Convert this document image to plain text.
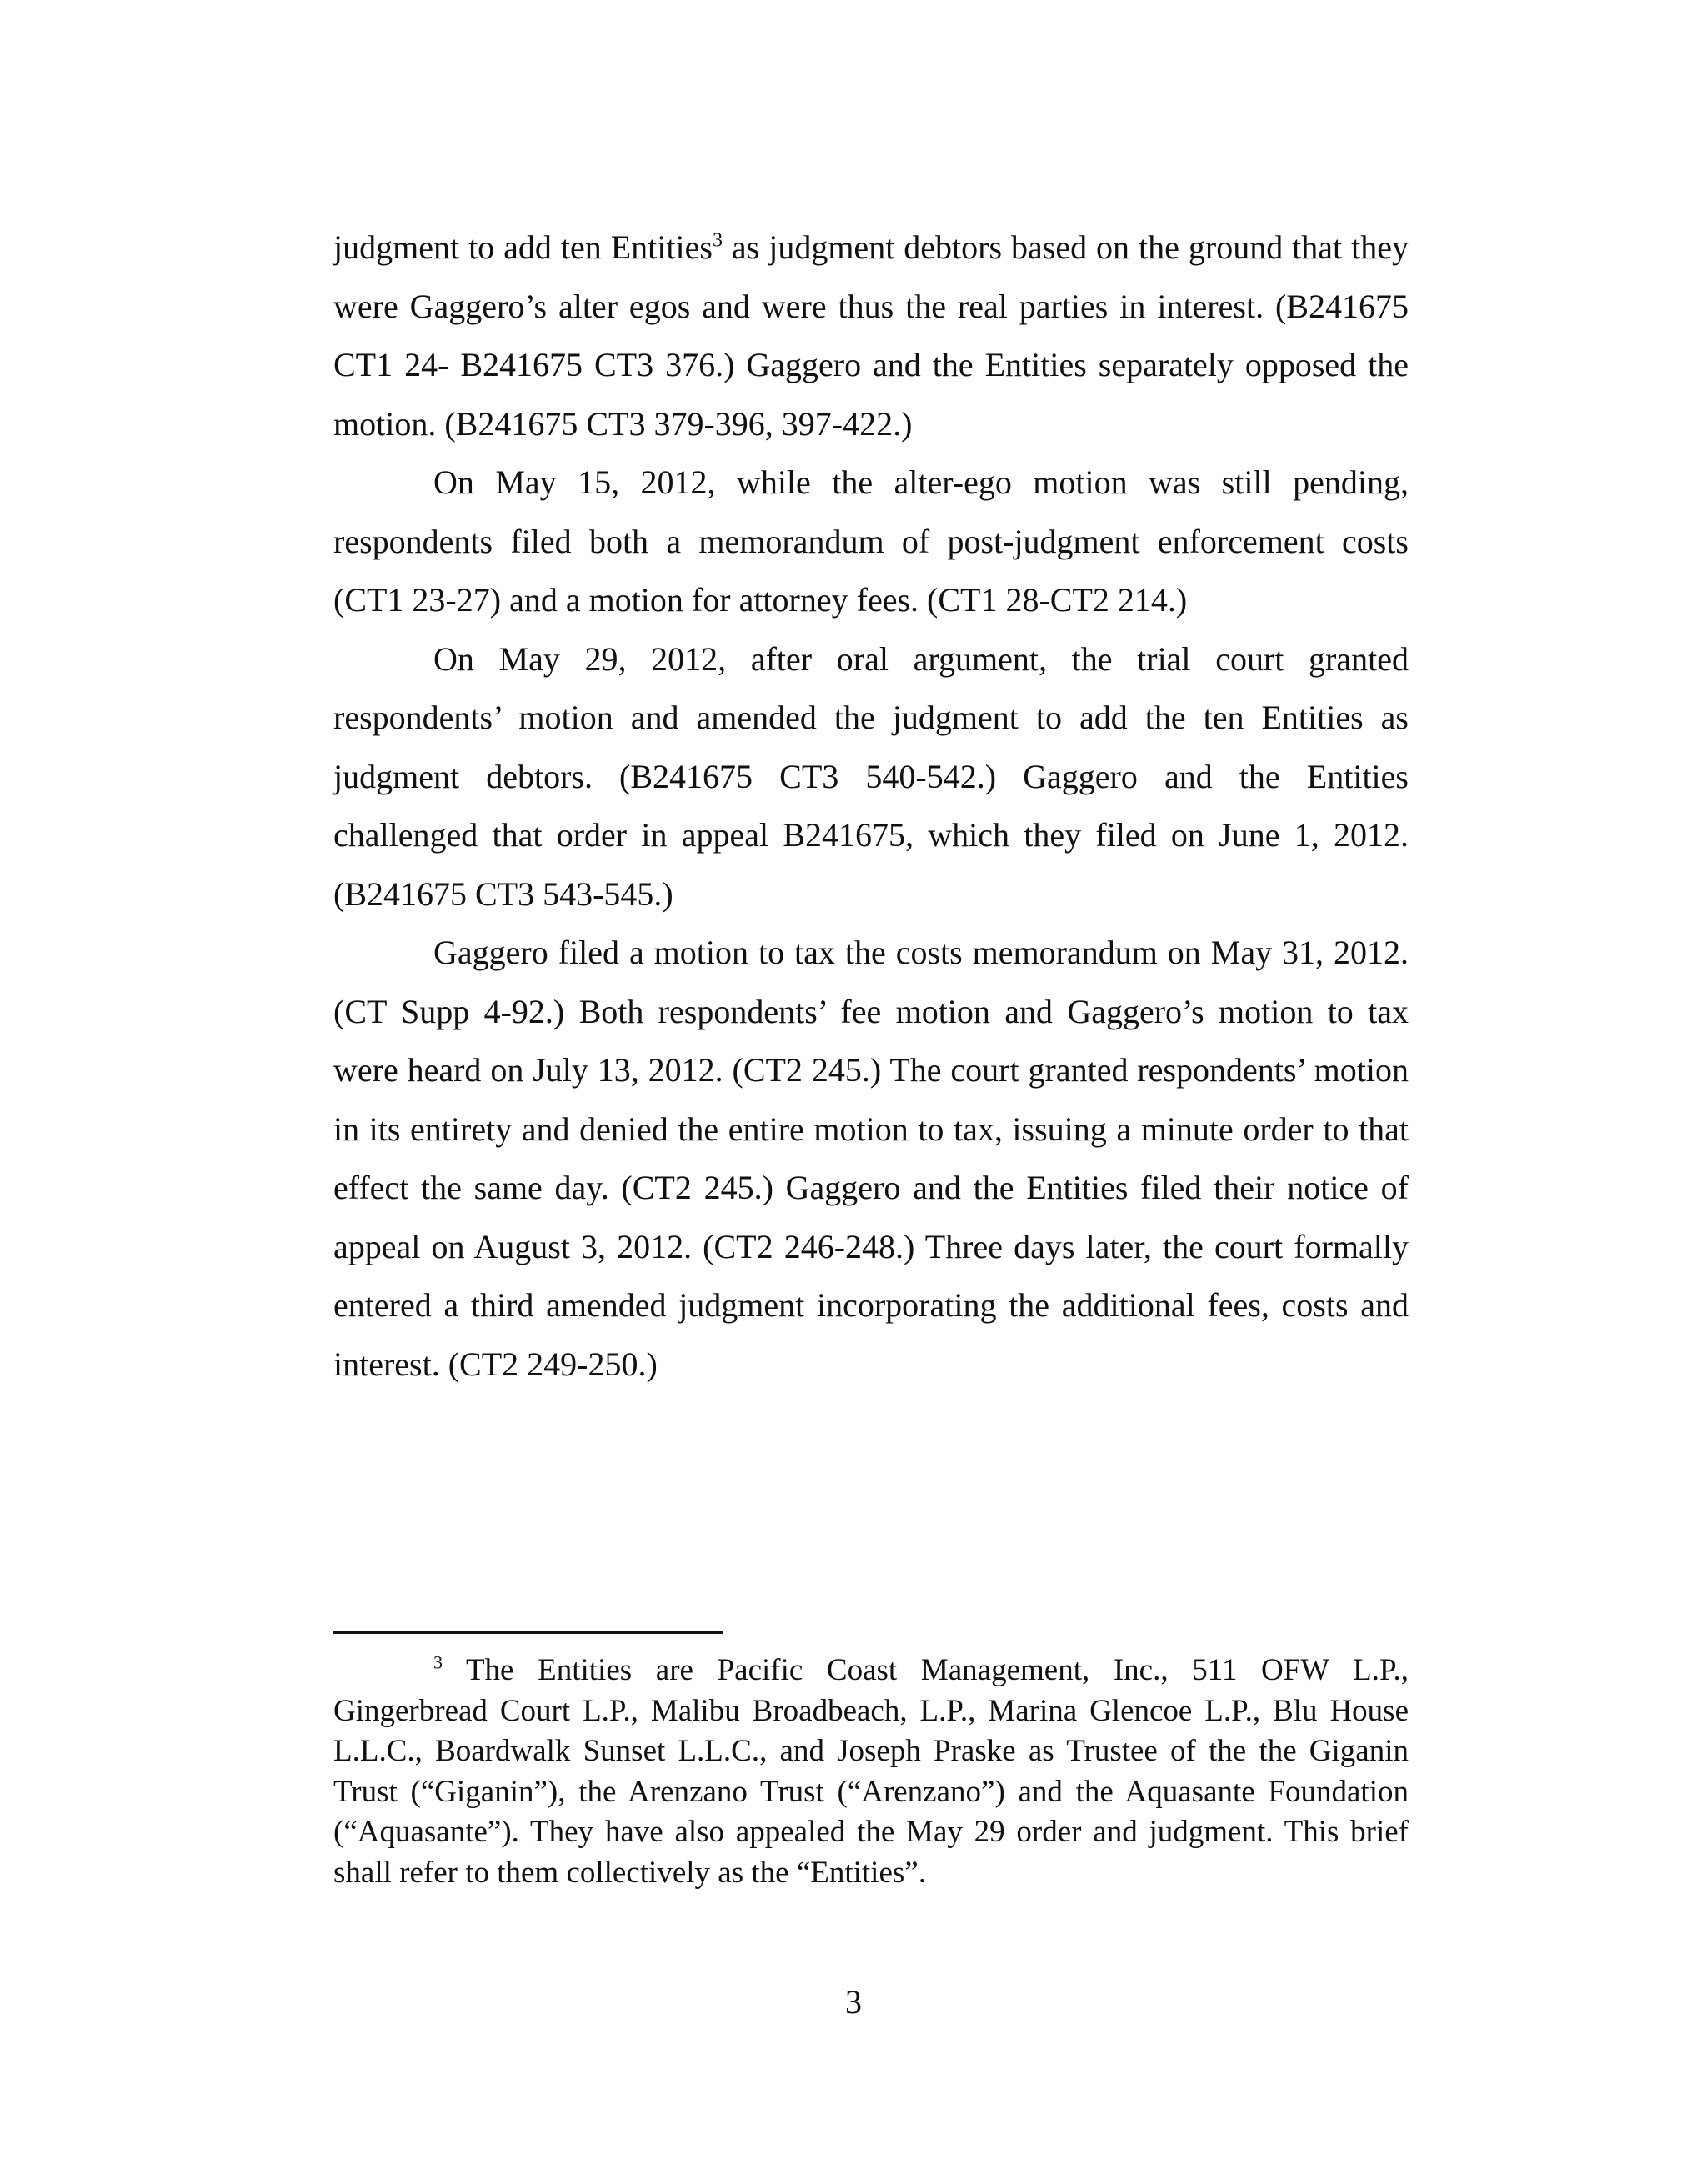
judgment to add ten Entities$^3$ as judgment debtors based on the ground that they were Gaggero’s alter egos and were thus the real parties in interest. (B241675 CT1 24- B241675 CT3 376.) Gaggero and the Entities separately opposed the motion. (B241675 CT3 379-396, 397-422.)

On May 15, 2012, while the alter-ego motion was still pending, respondents filed both a memorandum of post-judgment enforcement costs (CT1 23-27) and a motion for attorney fees. (CT1 28-CT2 214.)

On May 29, 2012, after oral argument, the trial court granted respondents’ motion and amended the judgment to add the ten Entities as judgment debtors. (B241675 CT3 540-542.) Gaggero and the Entities challenged that order in appeal B241675, which they filed on June 1, 2012. (B241675 CT3 543-545.)

Gaggero filed a motion to tax the costs memorandum on May 31, 2012. (CT Supp 4-92.) Both respondents’ fee motion and Gaggero’s motion to tax were heard on July 13, 2012. (CT2 245.) The court granted respondents’ motion in its entirety and denied the entire motion to tax, issuing a minute order to that effect the same day. (CT2 245.) Gaggero and the Entities filed their notice of appeal on August 3, 2012. (CT2 246-248.) Three days later, the court formally entered a third amended judgment incorporating the additional fees, costs and interest. (CT2 249-250.)

$^3$ The Entities are Pacific Coast Management, Inc., 511 OFW L.P., Gingerbread Court L.P., Malibu Broadbeach, L.P., Marina Glencoe L.P., Blu House L.L.C., Boardwalk Sunset L.L.C., and Joseph Praske as Trustee of the the Giganin Trust (“Giganin”), the Arenzano Trust (“Arenzano”) and the Aquasante Foundation (“Aquasante”). They have also appealed the May 29 order and judgment. This brief shall refer to them collectively as the “Entities”.

3
